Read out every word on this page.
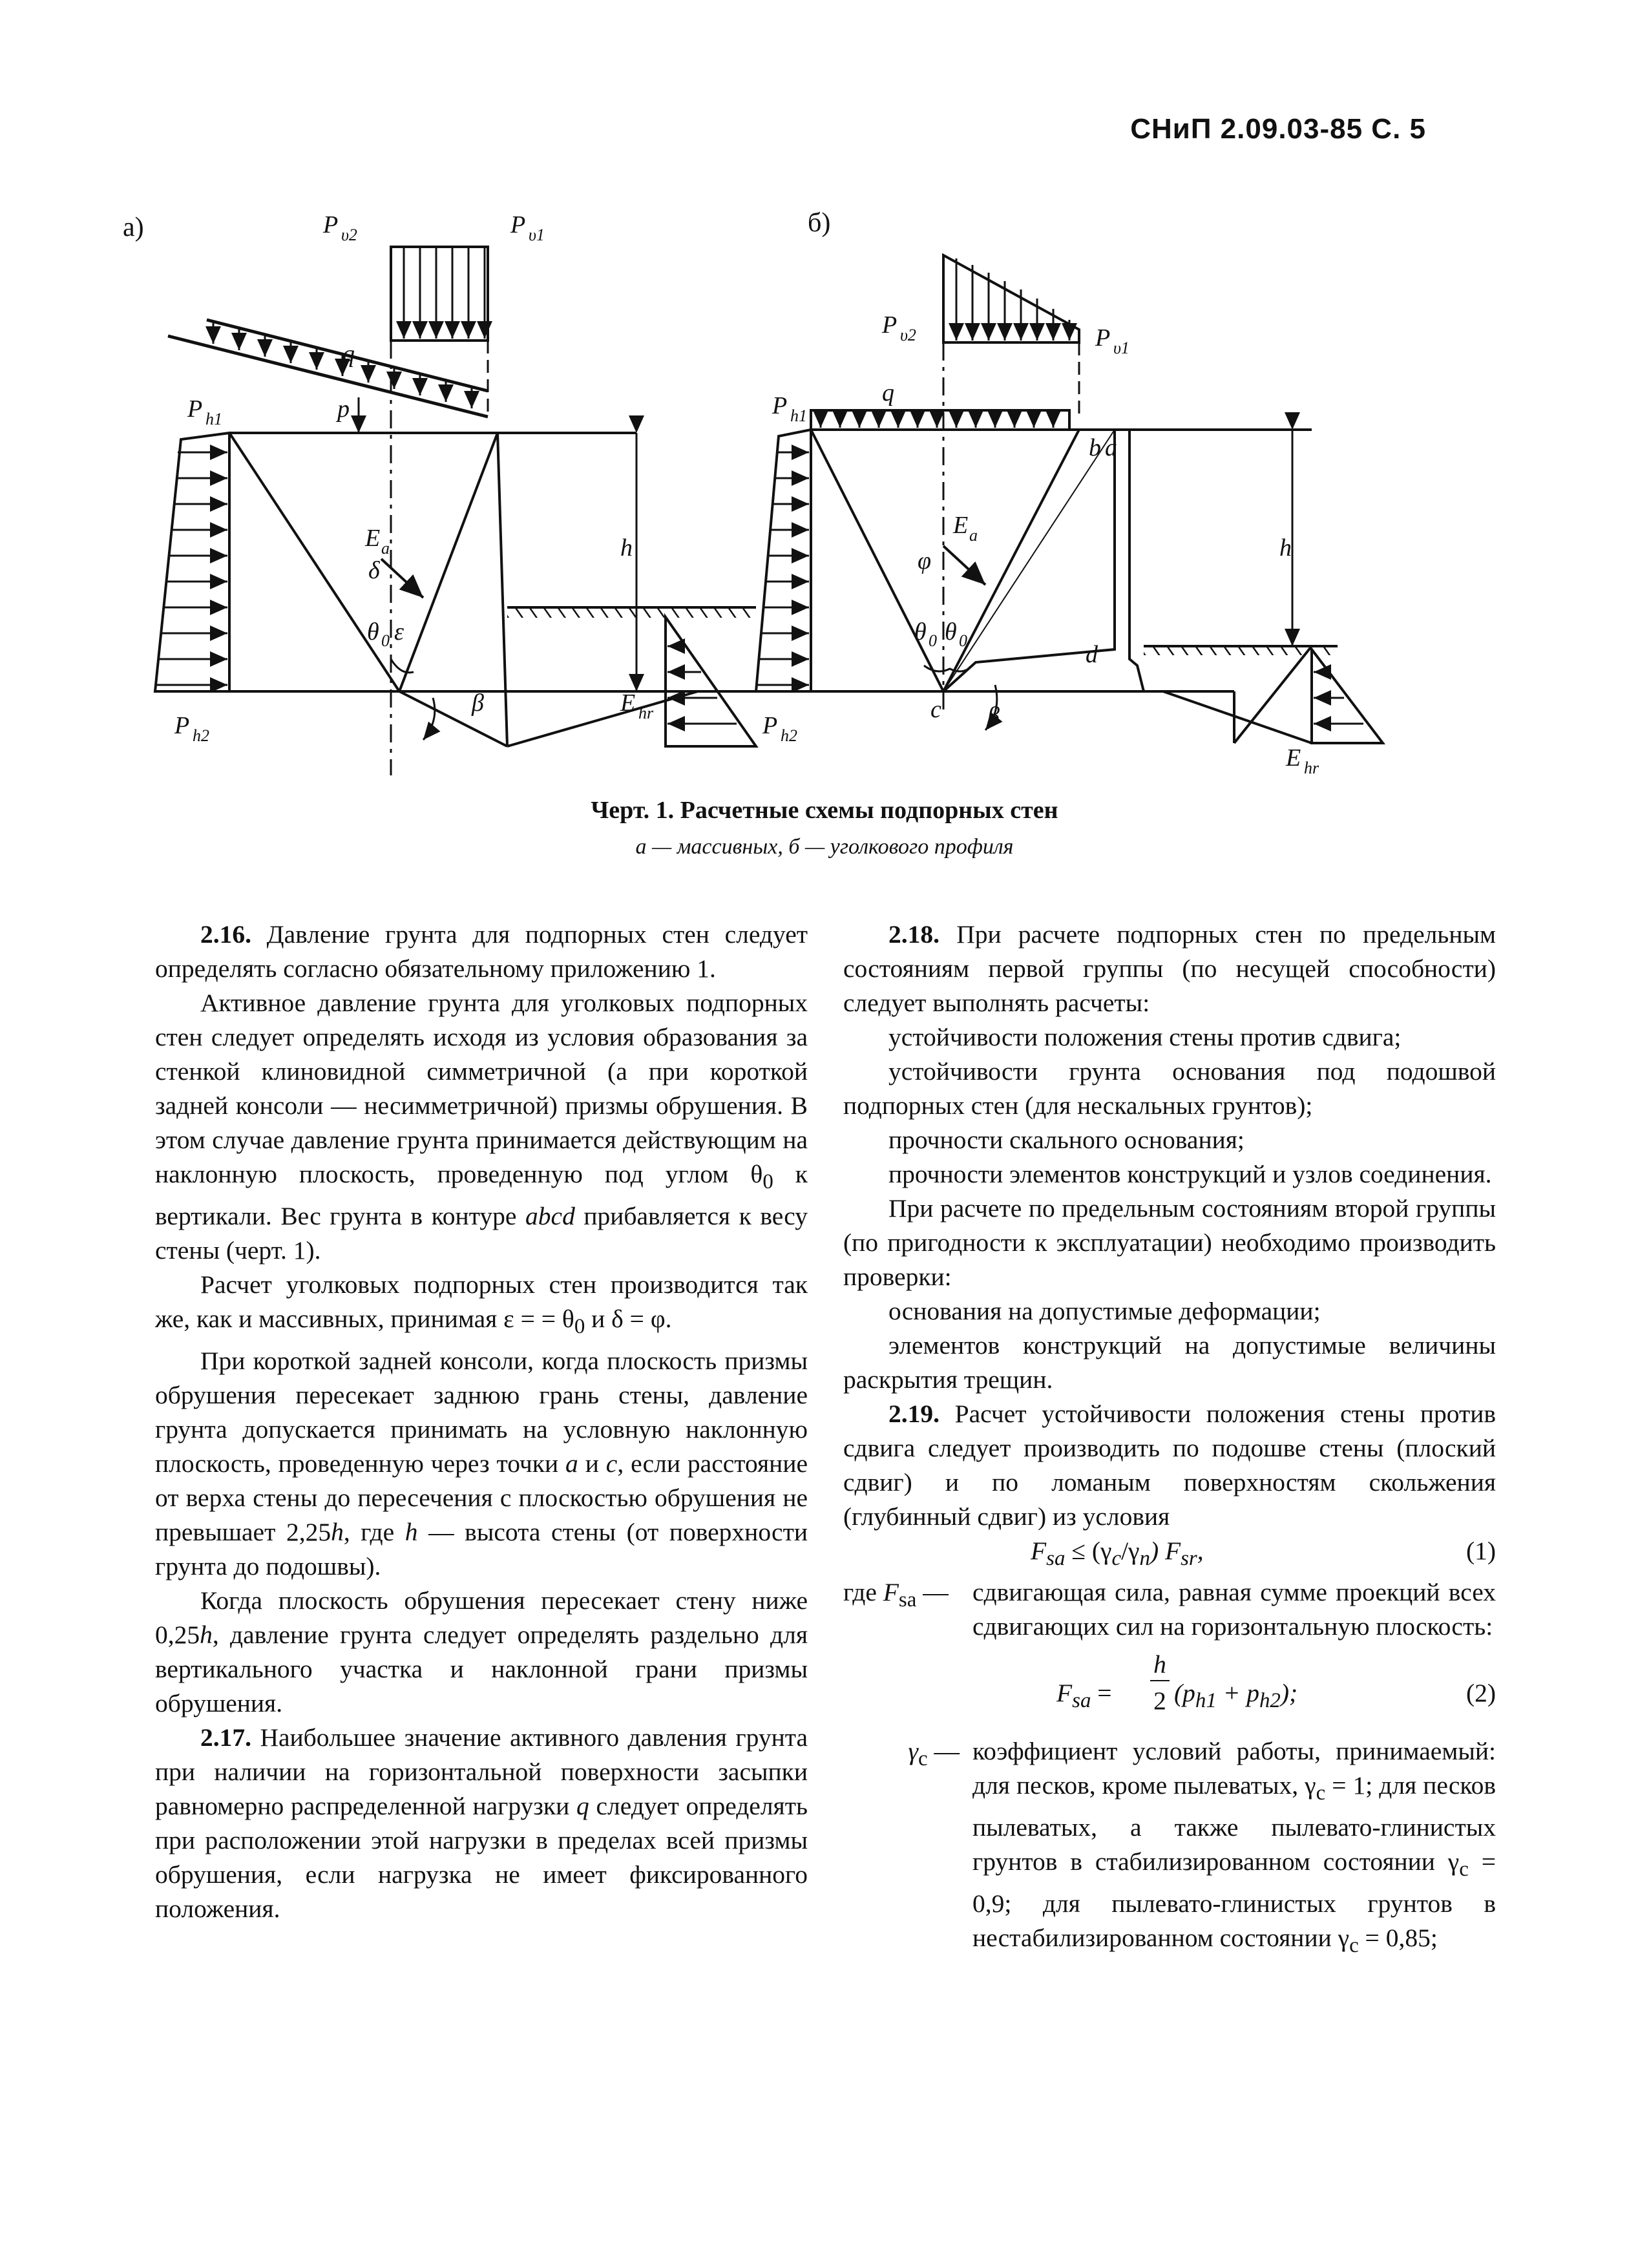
СНиП 2.09.03-85 С. 5
а)	P υ2	P υ1
q
p
P h1
P h2
E a
δ
θ 0 ε
β
h
E hr
б)
P υ2	P υ1
q
P h1
P h2
E a
φ
θ 0 θ 0
β
b a
c
d
h
E hr
Черт. 1. Расчетные схемы подпорных стен
а — массивных, б — уголкового профиля

2.16. Давление грунта для подпорных стен следует определять согласно обязательному приложению 1.

Активное давление грунта для уголковых подпорных стен следует определять исходя из условия образования за стенкой клиновидной симметричной (а при короткой задней консоли — несимметричной) призмы обрушения. В этом случае давление грунта принимается действующим на наклонную плоскость, проведенную под углом $\theta_0$ к вертикали. Вес грунта в контуре abcd прибавляется к весу стены (черт. 1).

Расчет уголковых подпорных стен производится так же, как и массивных, принимая ε = = $\theta_0$ и δ = φ.

При короткой задней консоли, когда плоскость призмы обрушения пересекает заднюю грань стены, давление грунта допускается принимать на условную наклонную плоскость, проведенную через точки a и c, если расстояние от верха стены до пересечения с плоскостью обрушения не превышает 2,25h, где h — высота стены (от поверхности грунта до подошвы).

Когда плоскость обрушения пересекает стену ниже 0,25h, давление грунта следует определять раздельно для вертикального участка и наклонной грани призмы обрушения.

2.17. Наибольшее значение активного давления грунта при наличии на горизонтальной поверхности засыпки равномерно распределенной нагрузки q следует определять при расположении этой нагрузки в пределах всей призмы обрушения, если нагрузка не имеет фиксированного положения.

2.18. При расчете подпорных стен по предельным состояниям первой группы (по несущей способности) следует выполнять расчеты:

устойчивости положения стены против сдвига;

устойчивости грунта основания под подошвой подпорных стен (для нескальных грунтов);

прочности скального основания;

прочности элементов конструкций и узлов соединения.

При расчете по предельным состояниям второй группы (по пригодности к эксплуатации) необходимо производить проверки:

основания на допустимые деформации;

элементов конструкций на допустимые величины раскрытия трещин.

2.19. Расчет устойчивости положения стены против сдвига следует производить по подошве стены (плоский сдвиг) и по ломаным поверхностям скольжения (глубинный сдвиг) из условия

$F_{sa} \le (\gamma_c/\gamma_n)$ $F_{sr}$,	(1)
где $F_{sa}$ — сдвигающая сила, равная сумме проекций всех сдвигающих сил на горизонтальную плоскость:
$F_{sa}$ =
h
2 $(p_{h1} + p_{h2})$;	(2)
$\gamma_c$ — коэффициент условий работы, принимаемый: для песков, кроме пылеватых, $\gamma_c = 1$; для песков пылеватых, а также пылевато-глинистых грунтов в стабилизированном состоянии $\gamma_c = 0,9$; для пылевато-глинистых грунтов в нестабилизированном состоянии $\gamma_c = 0,85$;
